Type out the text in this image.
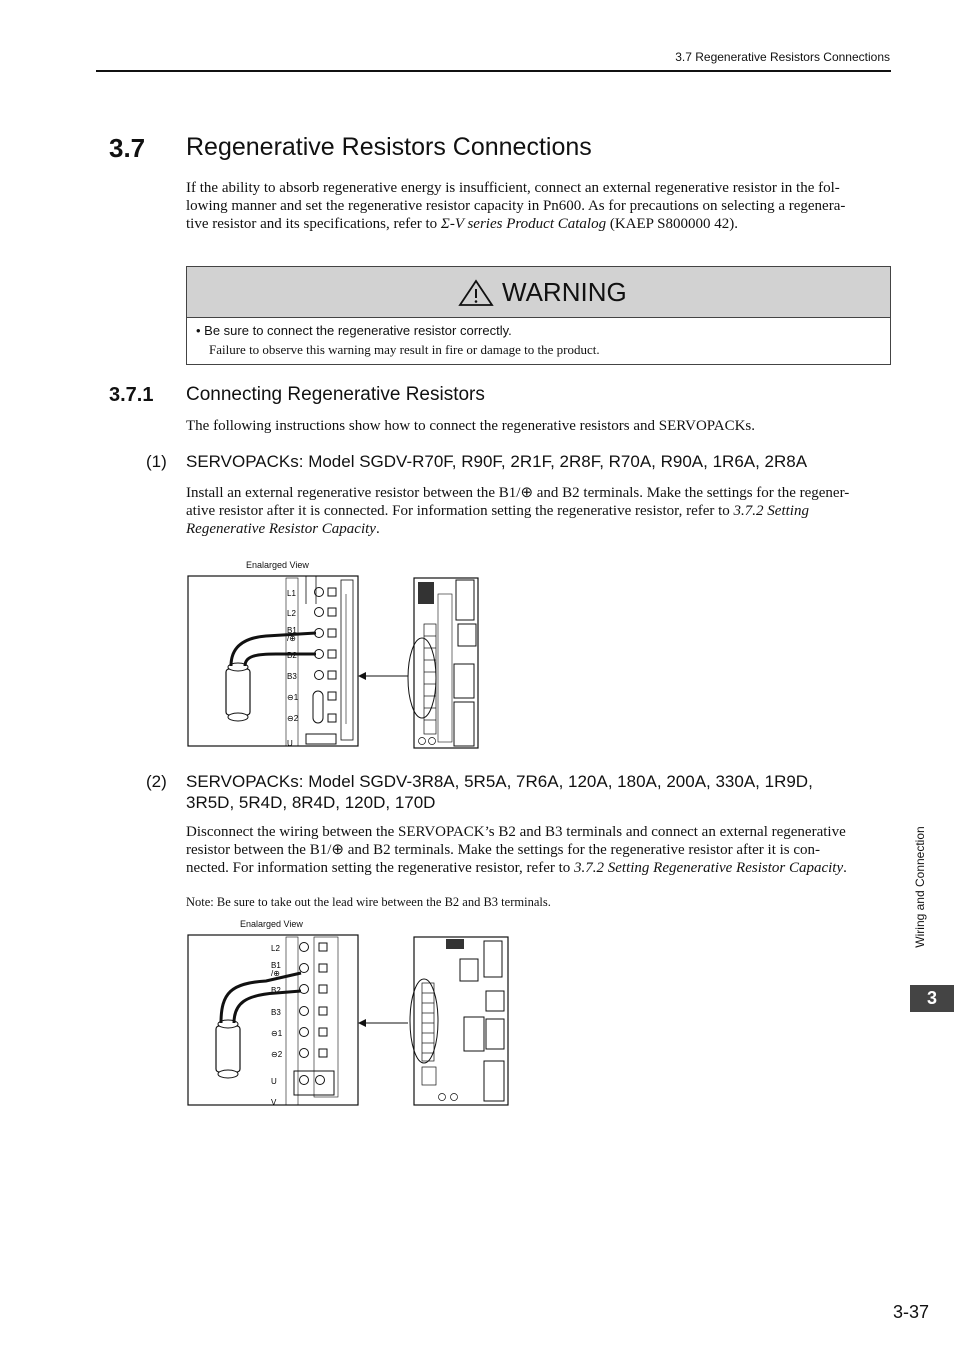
3.7 Regenerative Resistors Connections
3.7 Regenerative Resistors Connections
If the ability to absorb regenerative energy is insufficient, connect an external regenerative resistor in the fol-
lowing manner and set the regenerative resistor capacity in Pn600. As for precautions on selecting a regenera-
tive resistor and its specifications, refer to Σ-V series Product Catalog (KAEP S800000 42).
WARNING
• Be sure to connect the regenerative resistor correctly.
Failure to observe this warning may result in fire or damage to the product.
3.7.1 Connecting Regenerative Resistors
The following instructions show how to connect the regenerative resistors and SERVOPACKs.
(1) SERVOPACKs: Model SGDV-R70F, R90F, 2R1F, 2R8F, R70A, R90A, 1R6A, 2R8A
Install an external regenerative resistor between the B1/⊕ and B2 terminals. Make the settings for the regener-
ative resistor after it is connected. For information setting the regenerative resistor, refer to 3.7.2 Setting
Regenerative Resistor Capacity.
Enalarged View
L1
L2
B1
/⊕
B2
B3
⊖1
⊖2
U
(2) SERVOPACKs: Model SGDV-3R8A, 5R5A, 7R6A, 120A, 180A, 200A, 330A, 1R9D,
3R5D, 5R4D, 8R4D, 120D, 170D
Disconnect the wiring between the SERVOPACK’s B2 and B3 terminals and connect an external regenerative
resistor between the B1/⊕ and B2 terminals. Make the settings for the regenerative resistor after it is con-
nected. For information setting the regenerative resistor, refer to 3.7.2 Setting Regenerative Resistor Capacity.
Note: Be sure to take out the lead wire between the B2 and B3 terminals.
Enalarged View
L2
B1
/⊕
B2
B3
⊖1
⊖2
U
V
Wiring and Connection
3
3-37
